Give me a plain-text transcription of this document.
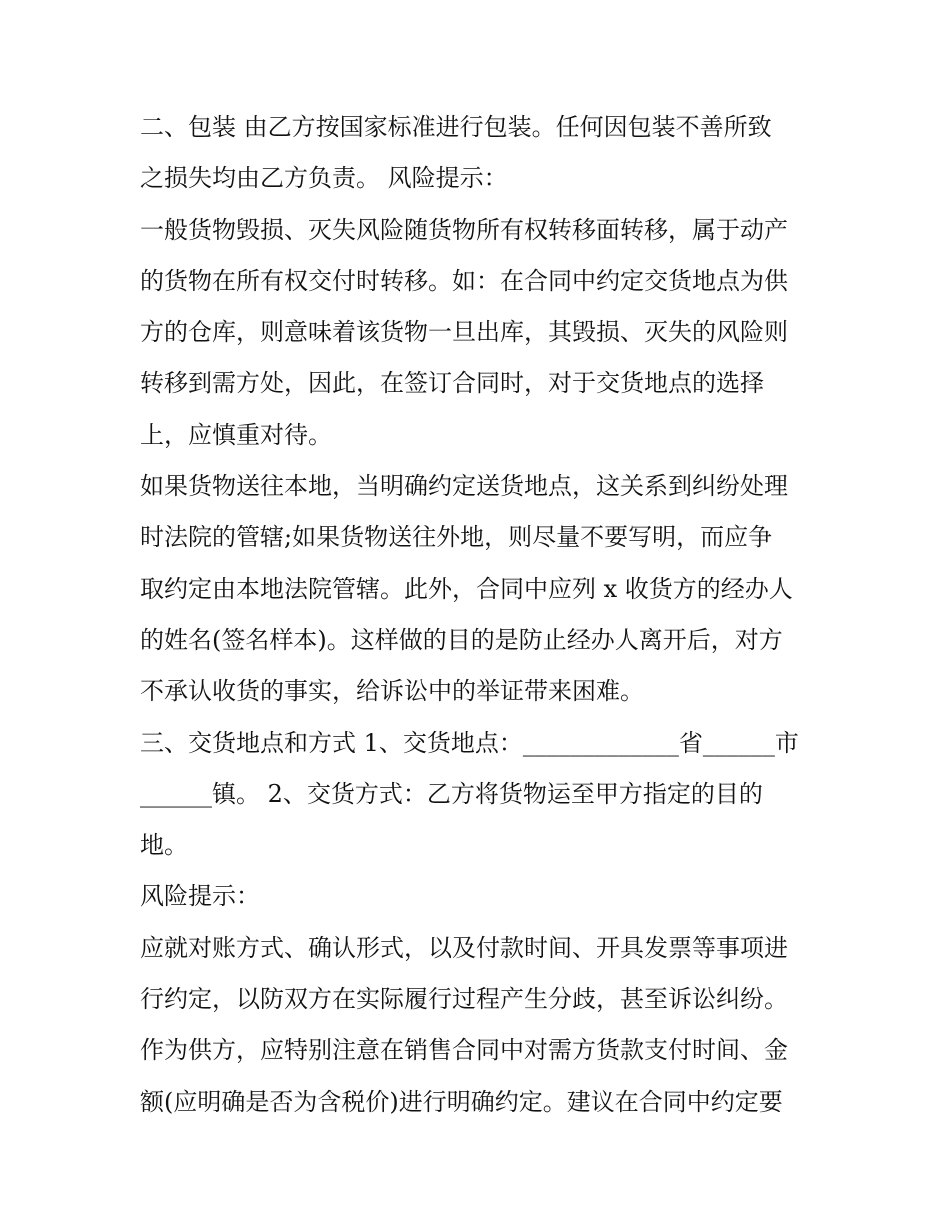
二、包装 由乙方按国家标准进行包装。任何因包装不善所致
之损失均由乙方负责。 风险提示：
一般货物毁损、灭失风险随货物所有权转移面转移，属于动产
的货物在所有权交付时转移。如：在合同中约定交货地点为供
方的仓库，则意味着该货物一旦出库，其毁损、灭失的风险则
转移到需方处，因此，在签订合同时，对于交货地点的选择
上，应慎重对待。
如果货物送往本地，当明确约定送货地点，这关系到纠纷处理
时法院的管辖;如果货物送往外地，则尽量不要写明，而应争
取约定由本地法院管辖。此外，合同中应列 x 收货方的经办人
的姓名(签名样本)。这样做的目的是防止经办人离开后，对方
不承认收货的事实，给诉讼中的举证带来困难。
三、交货地点和方式 1、交货地点：_____________省______市
______镇。 2、交货方式：乙方将货物运至甲方指定的目的
地。
风险提示：
应就对账方式、确认形式，以及付款时间、开具发票等事项进
行约定，以防双方在实际履行过程产生分歧，甚至诉讼纠纷。
作为供方，应特别注意在销售合同中对需方货款支付时间、金
额(应明确是否为含税价)进行明确约定。建议在合同中约定要
